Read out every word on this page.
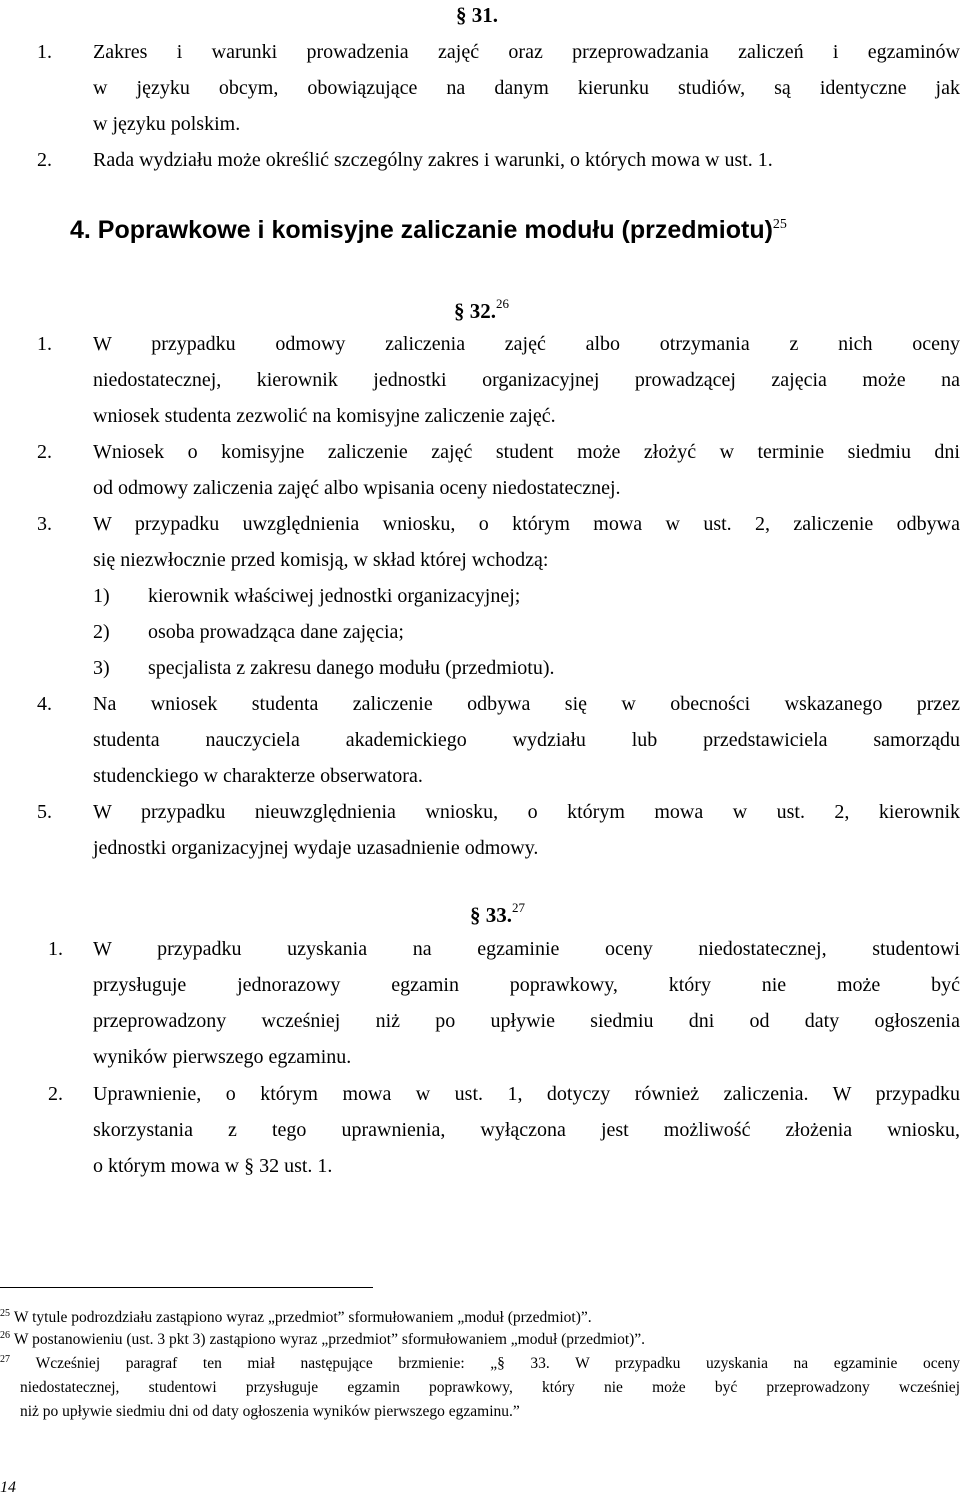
§ 31.
1. Zakres i warunki prowadzenia zajęć oraz przeprowadzania zaliczeń i egzaminów
w języku obcym, obowiązujące na danym kierunku studiów, są identyczne jak
w języku polskim.
2. Rada wydziału może określić szczególny zakres i warunki, o których mowa w ust. 1.
4. Poprawkowe i komisyjne zaliczanie modułu (przedmiotu)$^{25}$
§ 32.26
1. W przypadku odmowy zaliczenia zajęć albo otrzymania z nich oceny
niedostatecznej, kierownik jednostki organizacyjnej prowadzącej zajęcia może na
wniosek studenta zezwolić na komisyjne zaliczenie zajęć.
2. Wniosek o komisyjne zaliczenie zajęć student może złożyć w terminie siedmiu dni
od odmowy zaliczenia zajęć albo wpisania oceny niedostatecznej.
3. W przypadku uwzględnienia wniosku, o którym mowa w ust. 2, zaliczenie odbywa
się niezwłocznie przed komisją, w skład której wchodzą:
1) kierownik właściwej jednostki organizacyjnej;
2) osoba prowadząca dane zajęcia;
3) specjalista z zakresu danego modułu (przedmiotu).
4. Na wniosek studenta zaliczenie odbywa się w obecności wskazanego przez
studenta nauczyciela akademickiego wydziału lub przedstawiciela samorządu
studenckiego w charakterze obserwatora.
5. W przypadku nieuwzględnienia wniosku, o którym mowa w ust. 2, kierownik
jednostki organizacyjnej wydaje uzasadnienie odmowy.
§ 33.27
1. W przypadku uzyskania na egzaminie oceny niedostatecznej, studentowi
przysługuje jednorazowy egzamin poprawkowy, który nie może być
przeprowadzony wcześniej niż po upływie siedmiu dni od daty ogłoszenia
wyników pierwszego egzaminu.
2. Uprawnienie, o którym mowa w ust. 1, dotyczy również zaliczenia. W przypadku
skorzystania z tego uprawnienia, wyłączona jest możliwość złożenia wniosku,
o którym mowa w § 32 ust. 1.
$^{25}$ W tytule podrozdziału zastąpiono wyraz „przedmiot” sformułowaniem „moduł (przedmiot)”.
$^{26}$ W postanowieniu (ust. 3 pkt 3) zastąpiono wyraz „przedmiot” sformułowaniem „moduł (przedmiot)”.
$^{27}$ Wcześniej paragraf ten miał następujące brzmienie: „§ 33. W przypadku uzyskania na egzaminie oceny
niedostatecznej, studentowi przysługuje egzamin poprawkowy, który nie może być przeprowadzony wcześniej
niż po upływie siedmiu dni od daty ogłoszenia wyników pierwszego egzaminu.”
14
